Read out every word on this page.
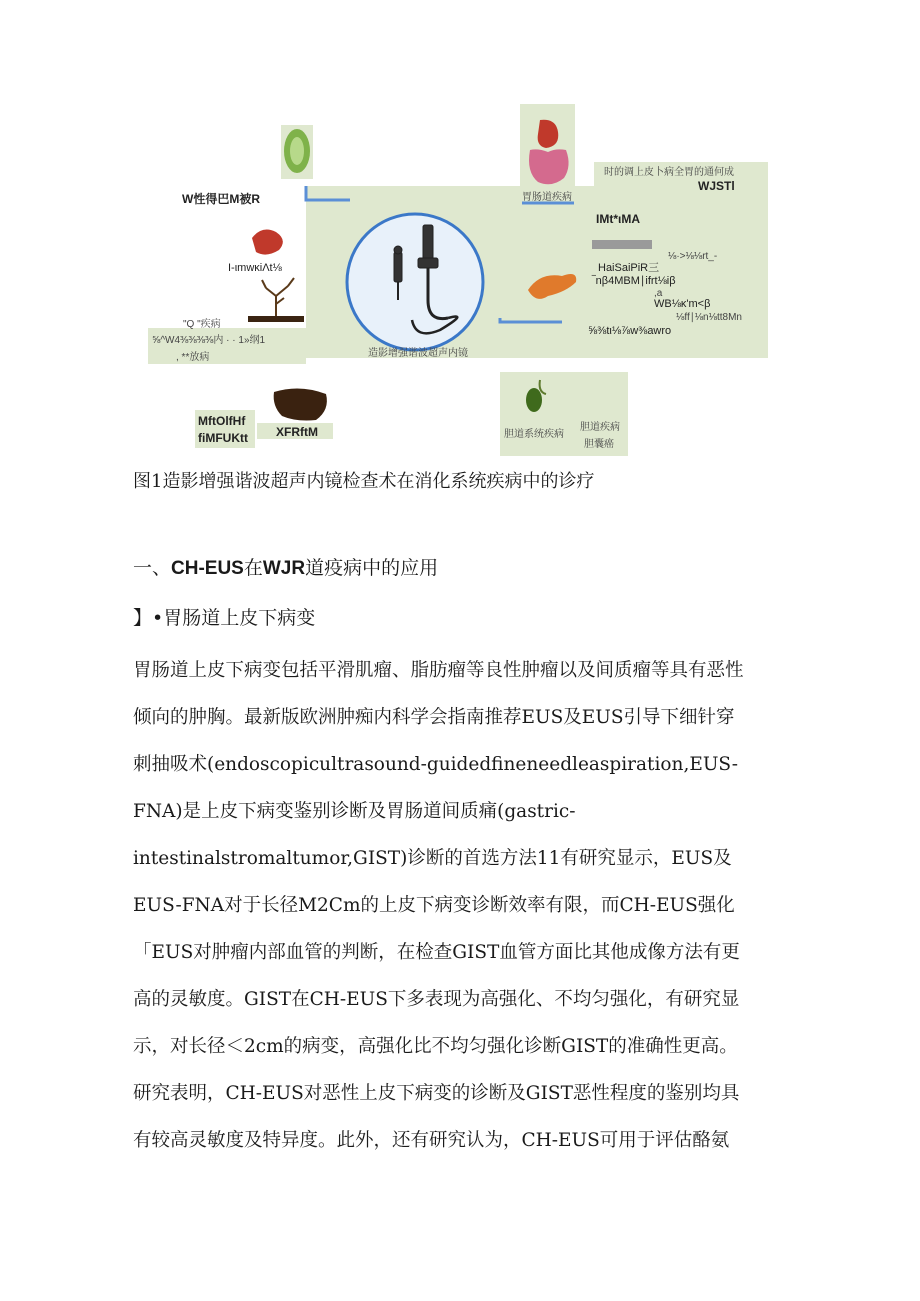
W性得巴M被R
I-ιmwκiΛt⅛
"Q "疾病
⅝^W4⅜⅜⅜⅜内 · · 1»纲1
, **放病	造影增强谐波超声内镜
胃肠道疾病
时的调上皮卜病全胃的通何成
WJSTl
IMt*ιMA
⅛·>⅛⅛rt_-
HaiSaiPiR三
‾nβ4MBM∣ifrt⅛iβ
,a
WB⅛κ'm<β
⅛ff∣⅛n⅛tt8Mn
⅝⅜tι⅛⅞w⅜awro
MftOlfHf
fiMFUKtt XFRftM	胆道系统疾病
胆道疾病
胆囊癌
图1造影增强谐波超声内镜检查术在消化系统疾病中的诊疗
一、CH-EUS在WJR道疫病中的应用
】•胃肠道上皮下病变
胃肠道上皮下病变包括平滑肌瘤、脂肪瘤等良性肿瘤以及间质瘤等具有恶性
倾向的肿胸。最新版欧洲肿痴内科学会指南推荐EUS及EUS引导下细针穿
刺抽吸术(endoscopicultrasound-guidedfineneedleaspiration,EUS-
FNA)是上皮下病变鉴别诊断及胃肠道间质痛(gastric-
intestinalstromaltumor,GIST)诊断的首选方法11有研究显示，EUS及
EUS-FNA对于长径M2Cm的上皮下病变诊断效率有限，而CH-EUS强化
「EUS对肿瘤内部血管的判断，在检查GIST血管方面比其他成像方法有更
高的灵敏度。GIST在CH-EUS下多表现为高强化、不均匀强化，有研究显
示，对长径＜2cm的病变，高强化比不均匀强化诊断GIST的准确性更高。
研究表明，CH-EUS对恶性上皮下病变的诊断及GIST恶性程度的鉴别均具
有较高灵敏度及特异度。此外，还有研究认为，CH-EUS可用于评估酪氨
